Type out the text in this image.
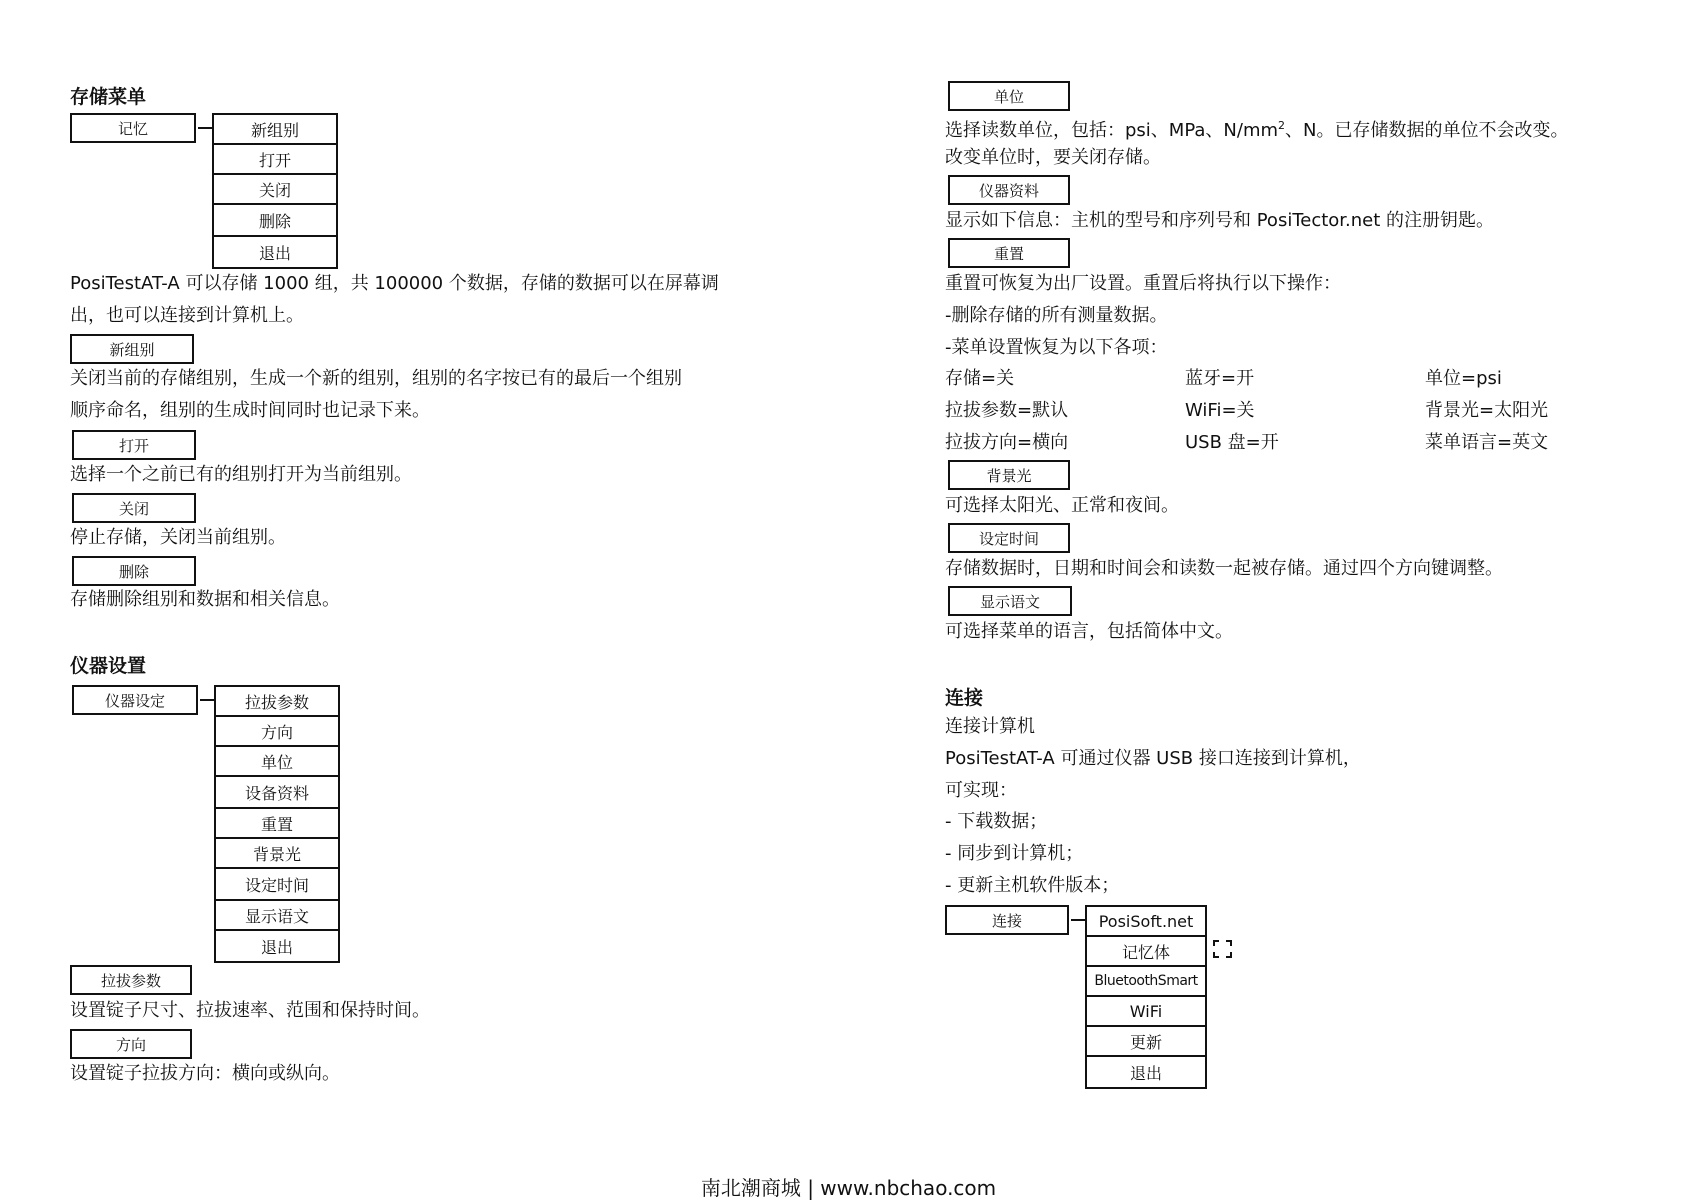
存储菜单
记忆	新组别
打开
关闭
删除
退出
PosiTestAT-A 可以存储 1000 组，共 100000 个数据，存储的数据可以在屏幕调
出，也可以连接到计算机上。
新组别
关闭当前的存储组别，生成一个新的组别，组别的名字按已有的最后一个组别
顺序命名，组别的生成时间同时也记录下来。
打开
选择一个之前已有的组别打开为当前组别。
关闭
停止存储，关闭当前组别。
删除
存储删除组别和数据和相关信息。
仪器设置
仪器设定	拉拔参数
方向
单位
设备资料
重置
背景光
设定时间
显示语文
退出
拉拔参数
设置锭子尺寸、拉拔速率、范围和保持时间。
方向
设置锭子拉拔方向：横向或纵向。
单位
选择读数单位，包括：psi、MPa、$N/mm^2$、N。已存储数据的单位不会改变。
改变单位时，要关闭存储。
仪器资料
显示如下信息：主机的型号和序列号和 PosiTector.net 的注册钥匙。
重置
重置可恢复为出厂设置。重置后将执行以下操作：
-删除存储的所有测量数据。
-菜单设置恢复为以下各项：
存储=关	蓝牙=开	单位=psi
拉拔参数=默认	WiFi=关	背景光=太阳光
拉拔方向=横向	USB 盘=开	菜单语言=英文
背景光
可选择太阳光、正常和夜间。
设定时间
存储数据时，日期和时间会和读数一起被存储。通过四个方向键调整。
显示语文
可选择菜单的语言，包括简体中文。
连接
连接计算机
PosiTestAT-A 可通过仪器 USB 接口连接到计算机，
可实现：
- 下载数据；
- 同步到计算机；
- 更新主机软件版本；
连接	PosiSoft.net
记忆体
BluetoothSmart
WiFi
更新
退出
南北潮商城 | www.nbchao.com
